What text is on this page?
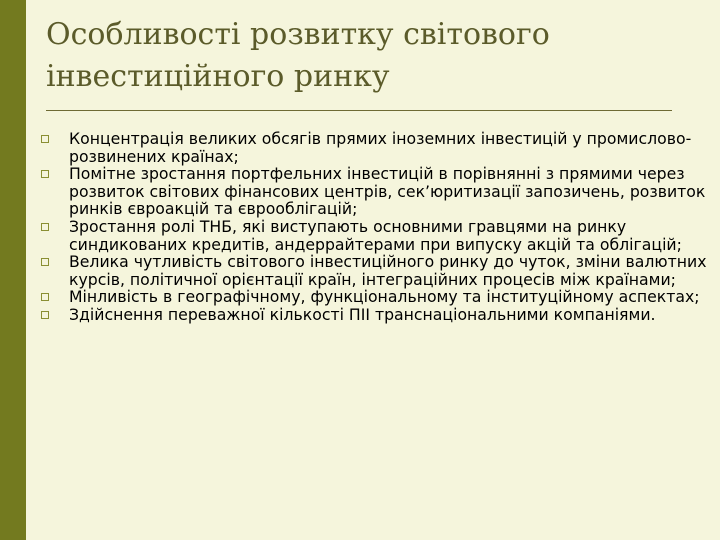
Особливості розвитку світового
інвестиційного ринку
Концентрація великих обсягів прямих іноземних інвестицій у промислово-розвинених країнах;
Помітне зростання портфельних інвестицій в порівнянні з прямими через розвиток світових фінансових центрів, сек’юритизації запозичень, розвиток ринків євроакцій та єврооблігацій;
Зростання ролі ТНБ, які виступають основними гравцями на ринку синдикованих кредитів, андеррайтерами при випуску акцій та облігацій;
Велика чутливість світового інвестиційного ринку до чуток, зміни валютних курсів, політичної орієнтації країн, інтеграційних процесів між країнами;
Мінливість в географічному, функціональному та інституційному аспектах;
Здійснення переважної кількості ПІІ транснаціональними компаніями.
